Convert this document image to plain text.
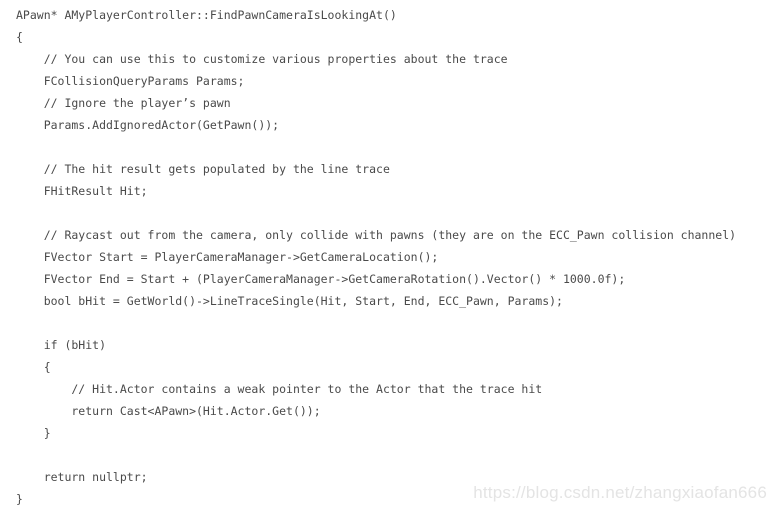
APawn* AMyPlayerController::FindPawnCameraIsLookingAt()
{
// You can use this to customize various properties about the trace
FCollisionQueryParams Params;
// Ignore the player’s pawn
Params.AddIgnoredActor(GetPawn());

// The hit result gets populated by the line trace
FHitResult Hit;

// Raycast out from the camera, only collide with pawns (they are on the ECC_Pawn collision channel)
FVector Start = PlayerCameraManager->GetCameraLocation();
FVector End = Start + (PlayerCameraManager->GetCameraRotation().Vector() * 1000.0f);
bool bHit = GetWorld()->LineTraceSingle(Hit, Start, End, ECC_Pawn, Params);

if (bHit)
{
// Hit.Actor contains a weak pointer to the Actor that the trace hit
return Cast<APawn>(Hit.Actor.Get());
}

return nullptr;
}	https://blog.csdn.net/zhangxiaofan666
